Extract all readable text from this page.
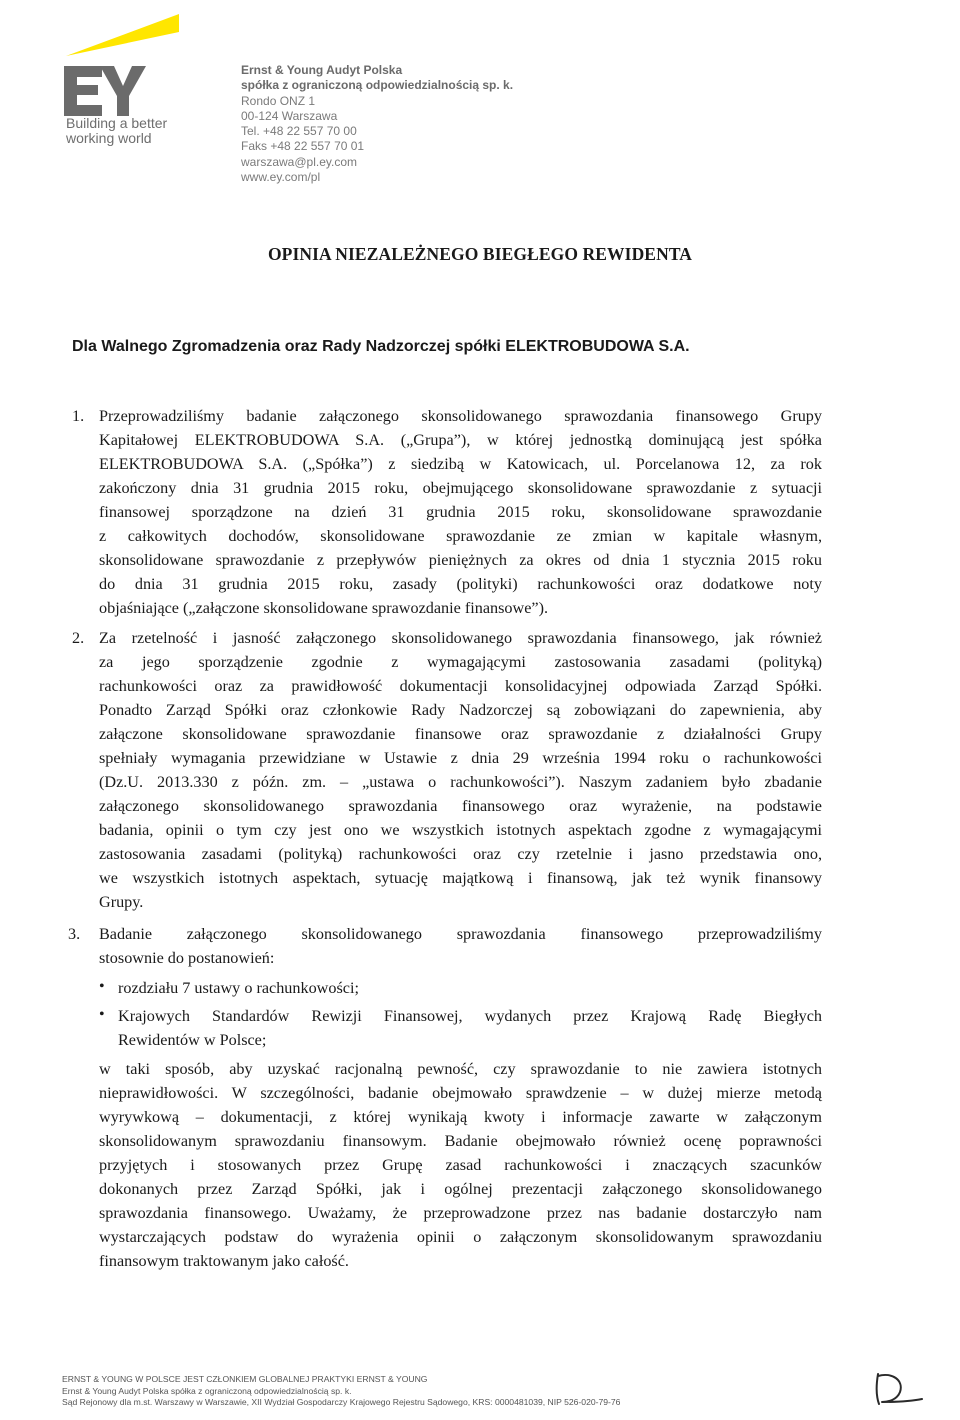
Building a better
working world
Ernst & Young Audyt Polska
spółka z ograniczoną odpowiedzialnością sp. k.
Rondo ONZ 1
00-124 Warszawa
Tel. +48 22 557 70 00
Faks +48 22 557 70 01
warszawa@pl.ey.com
www.ey.com/pl
OPINIA NIEZALEŻNEGO BIEGŁEGO REWIDENTA
Dla Walnego Zgromadzenia oraz Rady Nadzorczej spółki ELEKTROBUDOWA S.A.
1. Przeprowadziliśmy badanie załączonego skonsolidowanego sprawozdania finansowego Grupy
Kapitałowej ELEKTROBUDOWA S.A. („Grupa”), w której jednostką dominującą jest spółka
ELEKTROBUDOWA S.A. („Spółka”) z siedzibą w Katowicach, ul. Porcelanowa 12, za rok
zakończony dnia 31 grudnia 2015 roku, obejmującego skonsolidowane sprawozdanie z sytuacji
finansowej sporządzone na dzień 31 grudnia 2015 roku, skonsolidowane sprawozdanie
z całkowitych dochodów, skonsolidowane sprawozdanie ze zmian w kapitale własnym,
skonsolidowane sprawozdanie z przepływów pieniężnych za okres od dnia 1 stycznia 2015 roku
do dnia 31 grudnia 2015 roku, zasady (polityki) rachunkowości oraz dodatkowe noty
objaśniające („załączone skonsolidowane sprawozdanie finansowe”).
2. Za rzetelność i jasność załączonego skonsolidowanego sprawozdania finansowego, jak również
za jego sporządzenie zgodnie z wymagającymi zastosowania zasadami (polityką)
rachunkowości oraz za prawidłowość dokumentacji konsolidacyjnej odpowiada Zarząd Spółki.
Ponadto Zarząd Spółki oraz członkowie Rady Nadzorczej są zobowiązani do zapewnienia, aby
załączone skonsolidowane sprawozdanie finansowe oraz sprawozdanie z działalności Grupy
spełniały wymagania przewidziane w Ustawie z dnia 29 września 1994 roku o rachunkowości
(Dz.U. 2013.330 z późn. zm. – „ustawa o rachunkowości”). Naszym zadaniem było zbadanie
załączonego skonsolidowanego sprawozdania finansowego oraz wyrażenie, na podstawie
badania, opinii o tym czy jest ono we wszystkich istotnych aspektach zgodne z wymagającymi
zastosowania zasadami (polityką) rachunkowości oraz czy rzetelnie i jasno przedstawia ono,
we wszystkich istotnych aspektach, sytuację majątkową i finansową, jak też wynik finansowy
Grupy.
3.	Badanie załączonego skonsolidowanego sprawozdania finansowego przeprowadziliśmy
stosownie do postanowień:
• rozdziału 7 ustawy o rachunkowości;
• Krajowych Standardów Rewizji Finansowej, wydanych przez Krajową Radę Biegłych
Rewidentów w Polsce;
w taki sposób, aby uzyskać racjonalną pewność, czy sprawozdanie to nie zawiera istotnych
nieprawidłowości. W szczególności, badanie obejmowało sprawdzenie – w dużej mierze metodą
wyrywkową – dokumentacji, z której wynikają kwoty i informacje zawarte w załączonym
skonsolidowanym sprawozdaniu finansowym. Badanie obejmowało również ocenę poprawności
przyjętych i stosowanych przez Grupę zasad rachunkowości i znaczących szacunków
dokonanych przez Zarząd Spółki, jak i ogólnej prezentacji załączonego skonsolidowanego
sprawozdania finansowego. Uważamy, że przeprowadzone przez nas badanie dostarczyło nam
wystarczających podstaw do wyrażenia opinii o załączonym skonsolidowanym sprawozdaniu
finansowym traktowanym jako całość.
ERNST & YOUNG W POLSCE JEST CZŁONKIEM GLOBALNEJ PRAKTYKI ERNST & YOUNG
Ernst & Young Audyt Polska spółka z ograniczoną odpowiedzialnością sp. k.
Sąd Rejonowy dla m.st. Warszawy w Warszawie, XII Wydział Gospodarczy Krajowego Rejestru Sądowego, KRS: 0000481039, NIP 526-020-79-76
